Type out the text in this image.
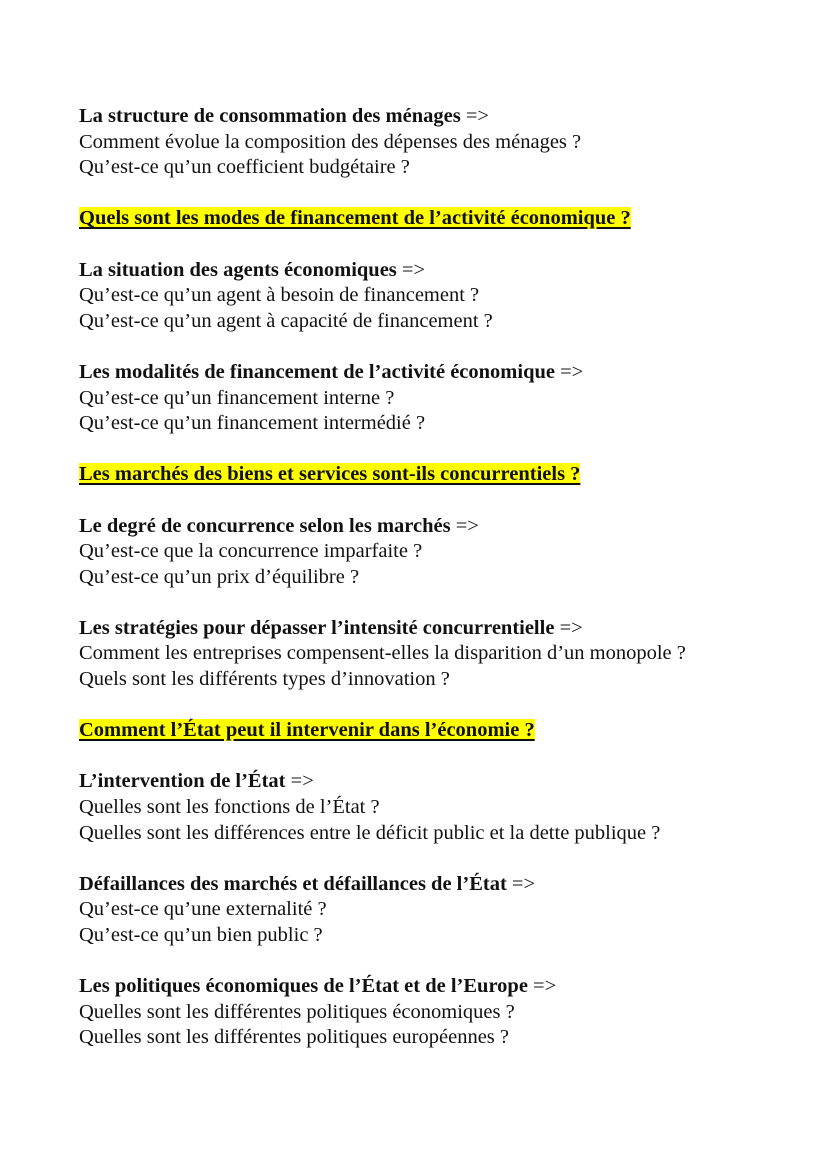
La structure de consommation des ménages =>
Comment évolue la composition des dépenses des ménages ?
Qu’est-ce qu’un coefficient budgétaire ?
Quels sont les modes de financement de l’activité économique ?
La situation des agents économiques =>
Qu’est-ce qu’un agent à besoin de financement ?
Qu’est-ce qu’un agent à capacité de financement ?
Les modalités de financement de l’activité économique =>
Qu’est-ce qu’un financement interne ?
Qu’est-ce qu’un financement intermédié ?
Les marchés des biens et services sont-ils concurrentiels ?
Le degré de concurrence selon les marchés =>
Qu’est-ce que la concurrence imparfaite ?
Qu’est-ce qu’un prix d’équilibre ?
Les stratégies pour dépasser l’intensité concurrentielle =>
Comment les entreprises compensent-elles la disparition d’un monopole ?
Quels sont les différents types d’innovation ?
Comment l’État peut il intervenir dans l’économie ?
L’intervention de l’État =>
Quelles sont les fonctions de l’État ?
Quelles sont les différences entre le déficit public et la dette publique ?
Défaillances des marchés et défaillances de l’État =>
Qu’est-ce qu’une externalité ?
Qu’est-ce qu’un bien public ?
Les politiques économiques de l’État et de l’Europe =>
Quelles sont les différentes politiques économiques ?
Quelles sont les différentes politiques européennes ?
